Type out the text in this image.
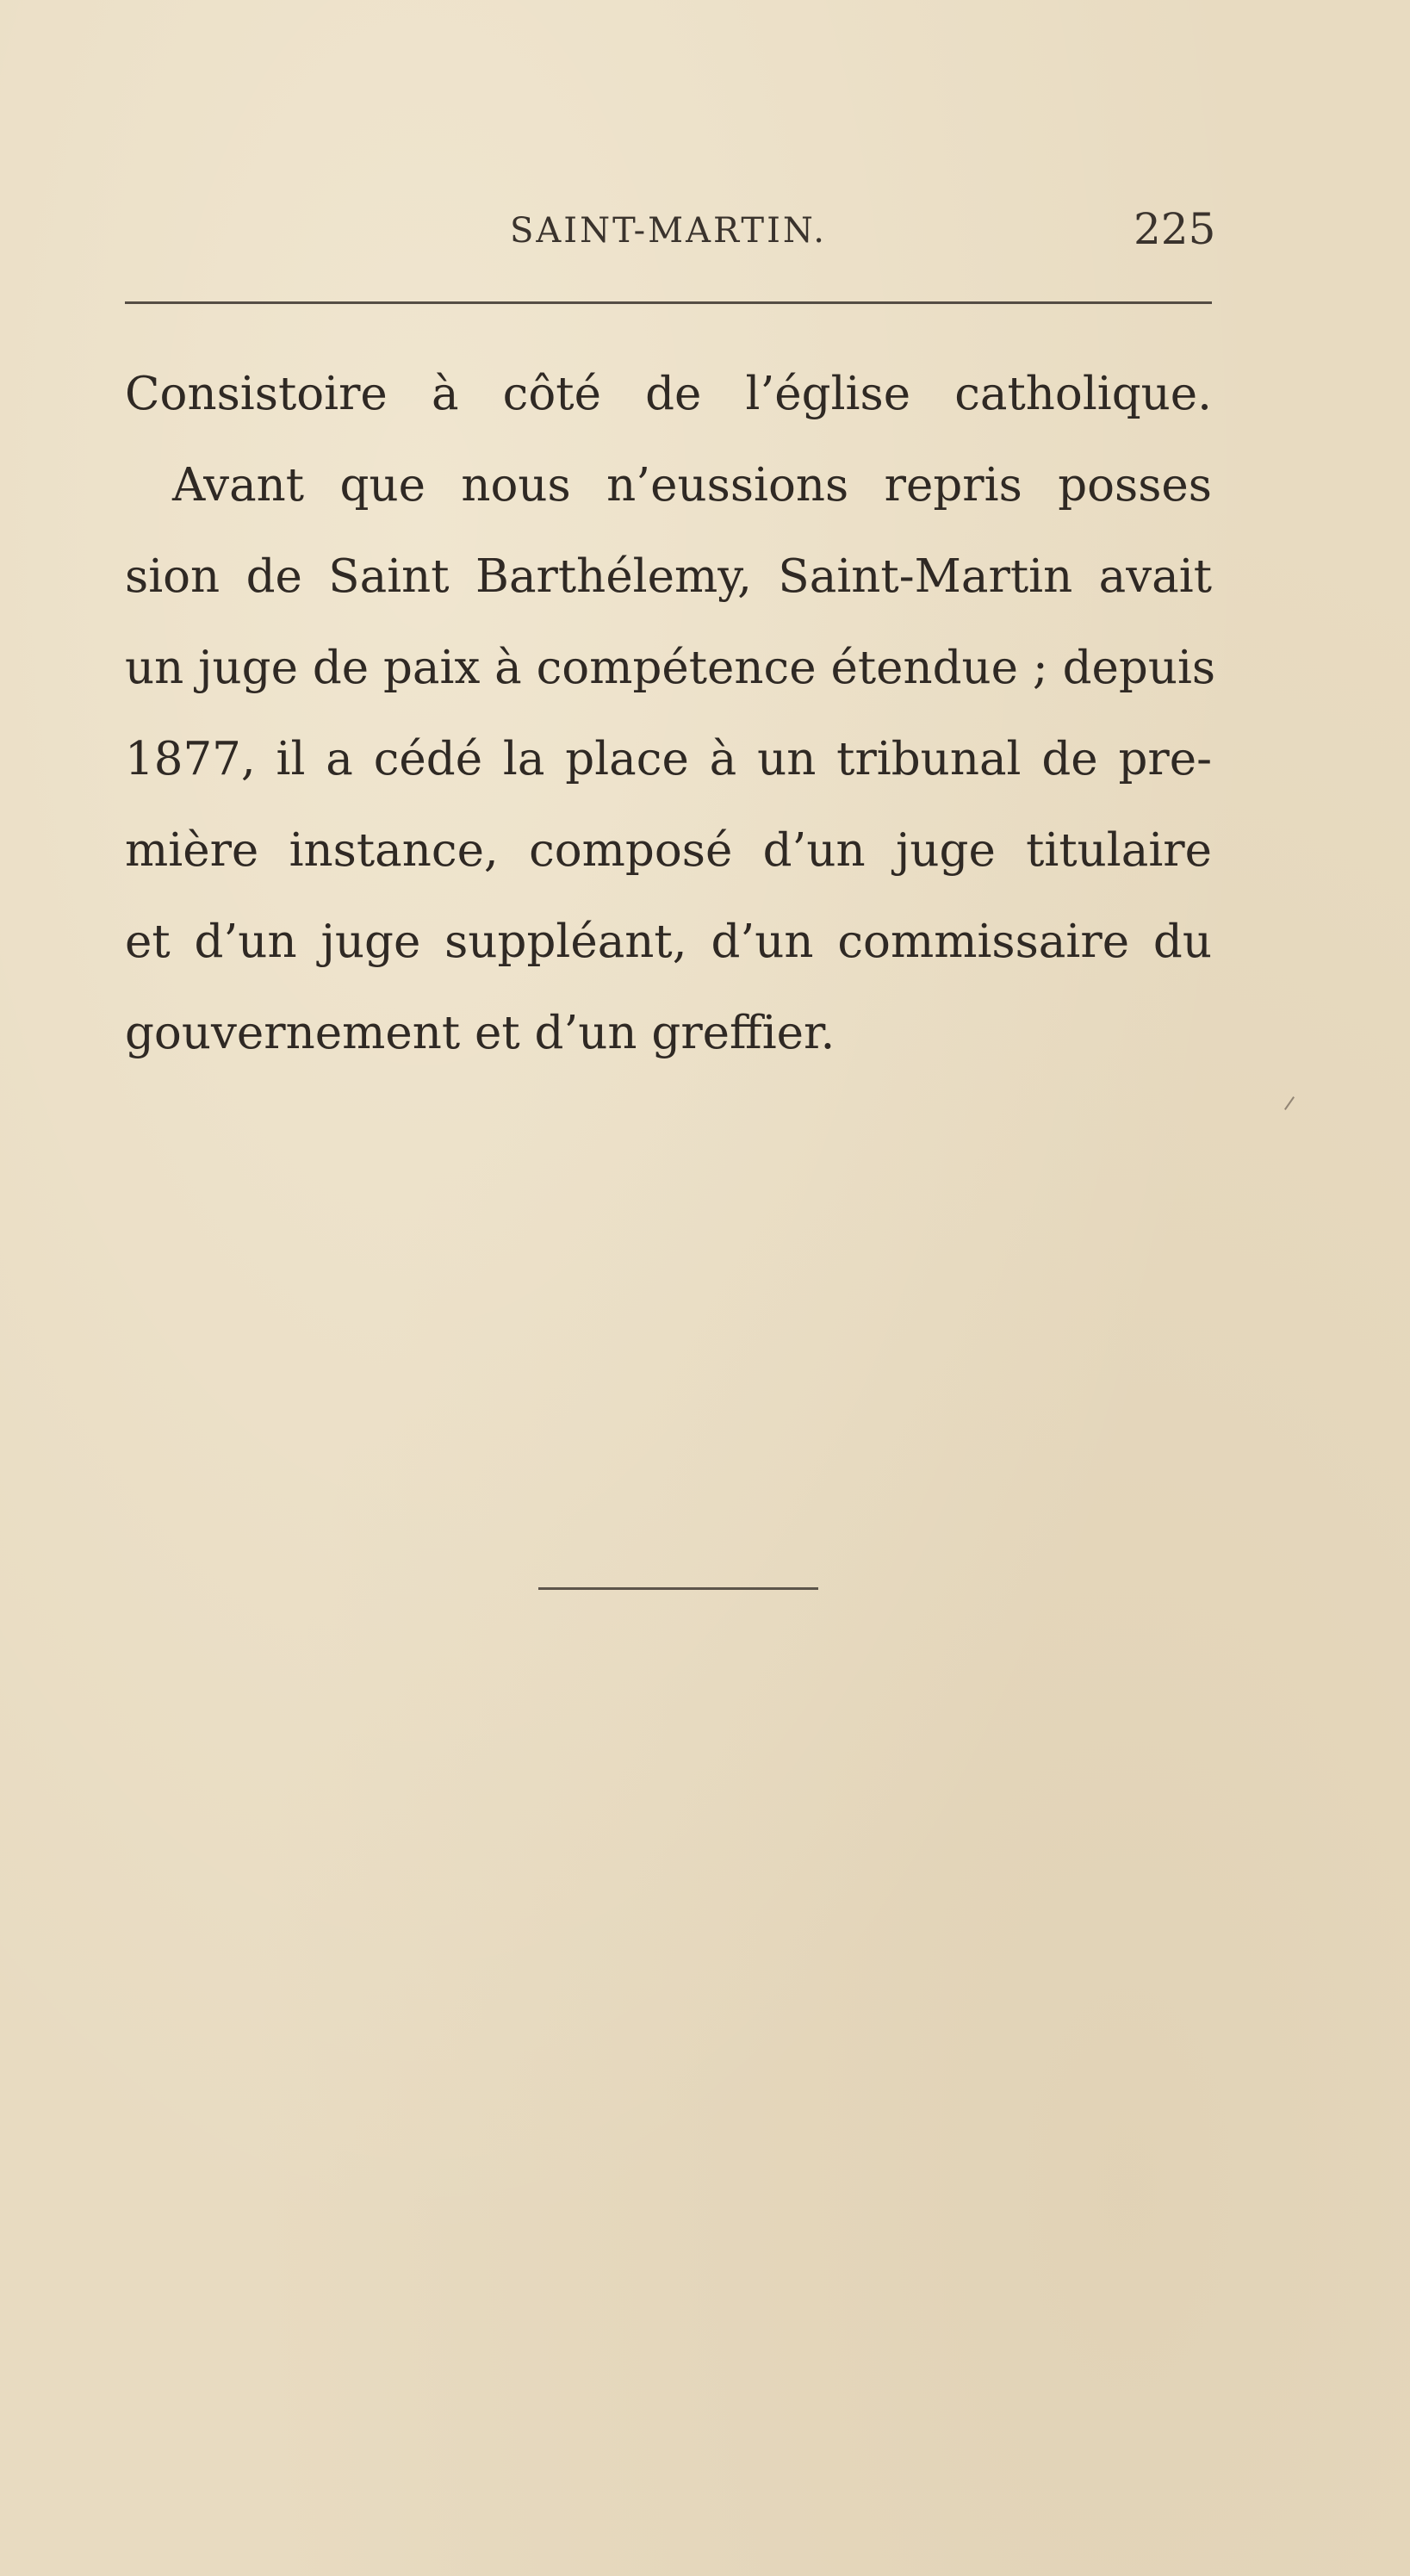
SAINT-MARTIN.	225
Consistoire à côté de l’église catholique.
Avant que nous n’eussions repris posses
sion de Saint Barthélemy, Saint-Martin avait
un juge de paix à compétence étendue ; depuis
1877, il a cédé la place à un tribunal de pre-
mière instance, composé d’un juge titulaire
et d’un juge suppléant, d’un commissaire du
gouvernement et d’un greffier.
